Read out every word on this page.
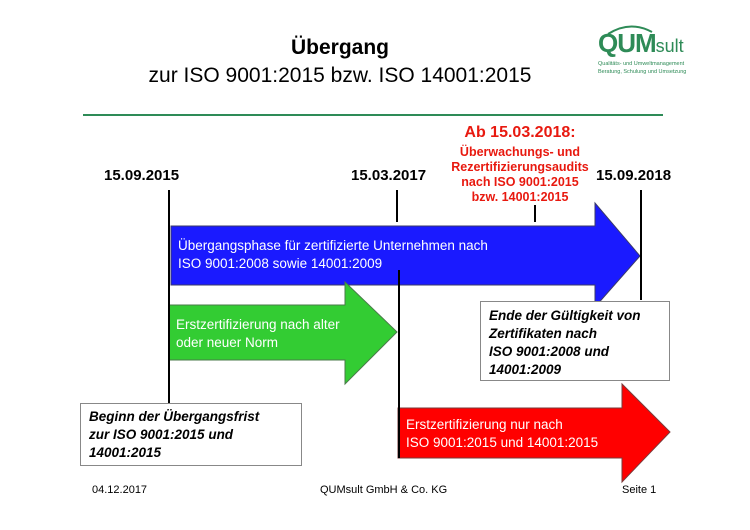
Übergang
zur ISO 9001:2015 bzw. ISO 14001:2015
QUMsult
Qualitäts- und Umweltmanagement
Beratung, Schulung und Umsetzung
15.09.2015	15.03.2017	15.09.2018
Ab 15.03.2018:
Überwachungs- und
Rezertifizierungsaudits
nach ISO 9001:2015
bzw. 14001:2015
Übergangsphase für zertifizierte Unternehmen nach
ISO 9001:2008 sowie 14001:2009
Erstzertifizierung nach alter
oder neuer Norm
Erstzertifizierung nur nach
ISO 9001:2015 und 14001:2015
Ende der Gültigkeit von
Zertifikaten nach
ISO 9001:2008 und
14001:2009
Beginn der Übergangsfrist
zur ISO 9001:2015 und
14001:2015
04.12.2017	QUMsult GmbH & Co. KG	Seite 1
